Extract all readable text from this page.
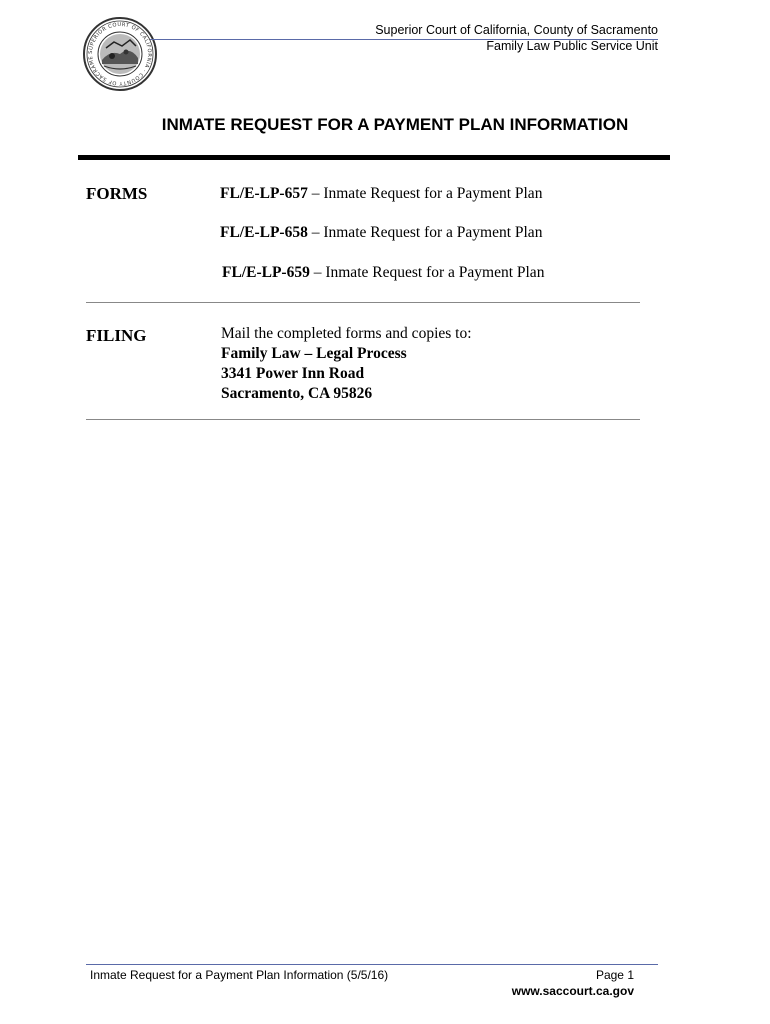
SUPERIOR COURT OF CALIFORNIA · COUNTY OF SACRAME
Superior Court of California, County of Sacramento
Family Law Public Service Unit
INMATE REQUEST FOR A PAYMENT PLAN INFORMATION
FORMS	FL/E-LP-657 – Inmate Request for a Payment Plan
FL/E-LP-658 – Inmate Request for a Payment Plan
FL/E-LP-659 – Inmate Request for a Payment Plan
FILING	Mail the completed forms and copies to:
Family Law – Legal Process
3341 Power Inn Road
Sacramento, CA 95826
Inmate Request for a Payment Plan Information (5/5/16)	Page 1
www.saccourt.ca.gov
